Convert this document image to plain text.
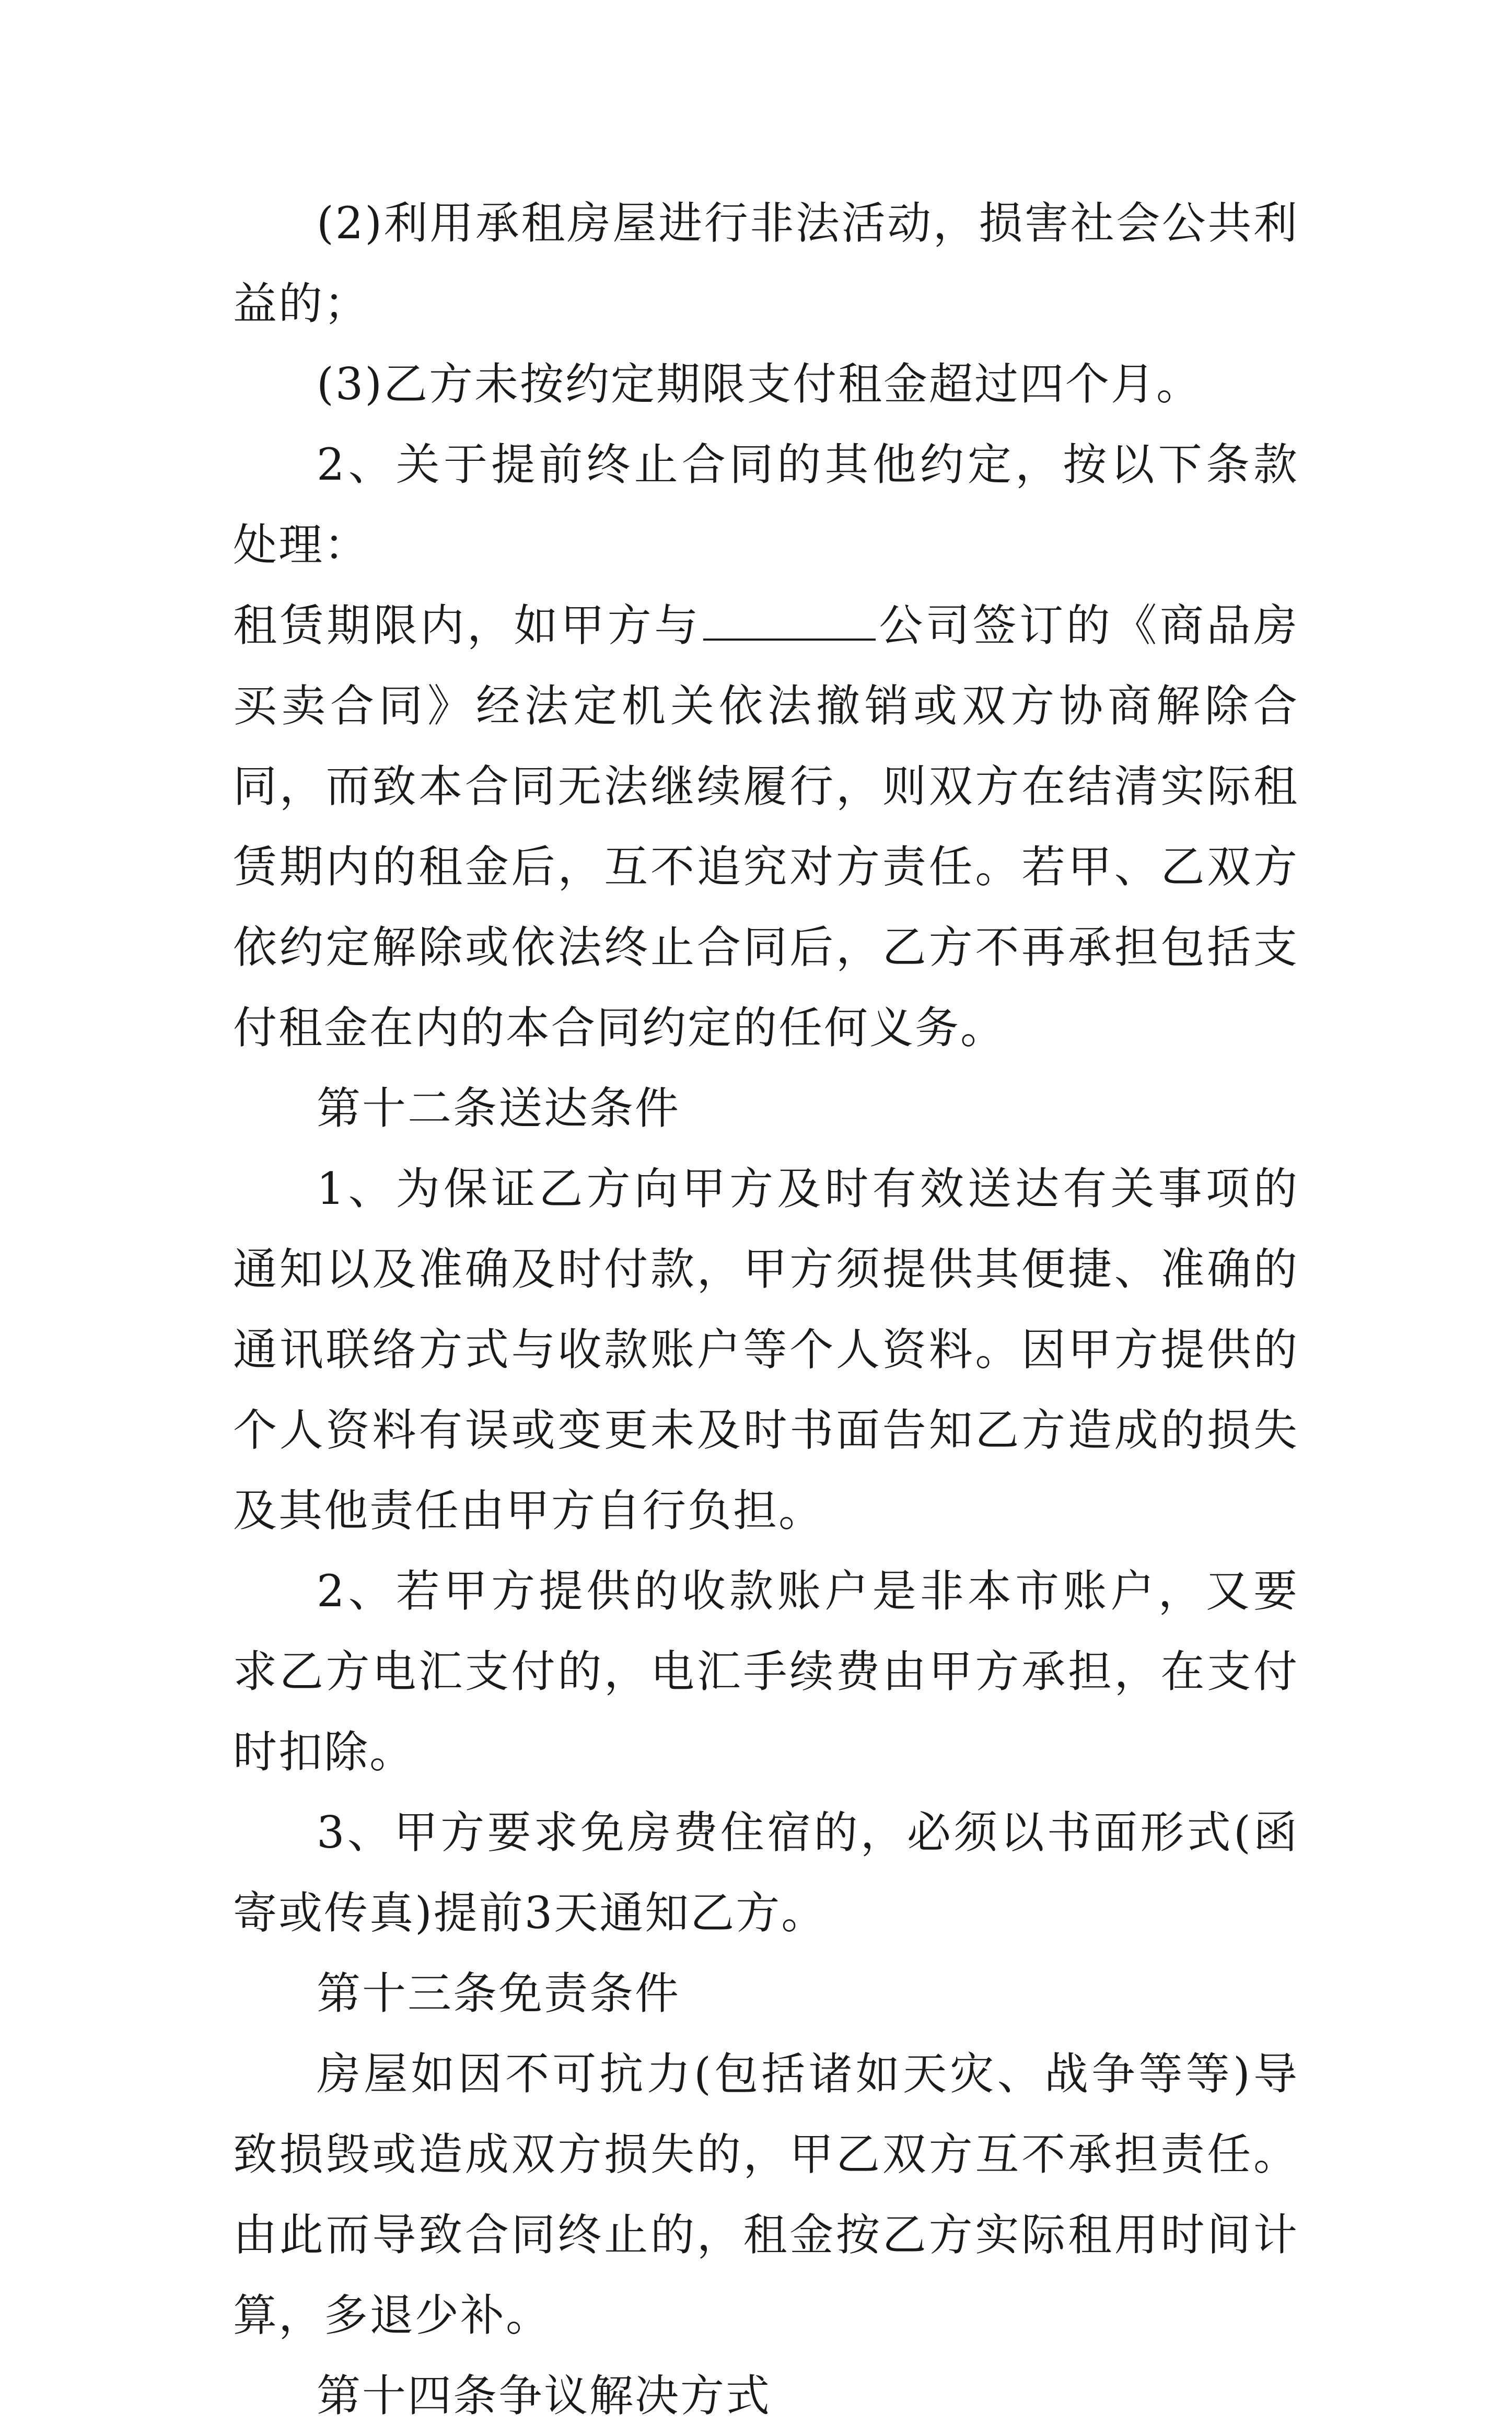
(2)利用承租房屋进行非法活动，损害社会公共利益的；

(3)乙方未按约定期限支付租金超过四个月。

2、关于提前终止合同的其他约定，按以下条款处理：

租赁期限内，如甲方与	公司签订的《商品房买卖合同》经法定机关依法撤销或双方协商解除合同，而致本合同无法继续履行，则双方在结清实际租赁期内的租金后，互不追究对方责任。若甲、乙双方依约定解除或依法终止合同后，乙方不再承担包括支付租金在内的本合同约定的任何义务。

第十二条送达条件

1、为保证乙方向甲方及时有效送达有关事项的通知以及准确及时付款，甲方须提供其便捷、准确的通讯联络方式与收款账户等个人资料。因甲方提供的个人资料有误或变更未及时书面告知乙方造成的损失及其他责任由甲方自行负担。

2、若甲方提供的收款账户是非本市账户，又要求乙方电汇支付的，电汇手续费由甲方承担，在支付时扣除。

3、甲方要求免房费住宿的，必须以书面形式(函寄或传真)提前3天通知乙方。

第十三条免责条件

房屋如因不可抗力(包括诸如天灾、战争等等)导致损毁或造成双方损失的，甲乙双方互不承担责任。由此而导致合同终止的，租金按乙方实际租用时间计算，多退少补。

第十四条争议解决方式
